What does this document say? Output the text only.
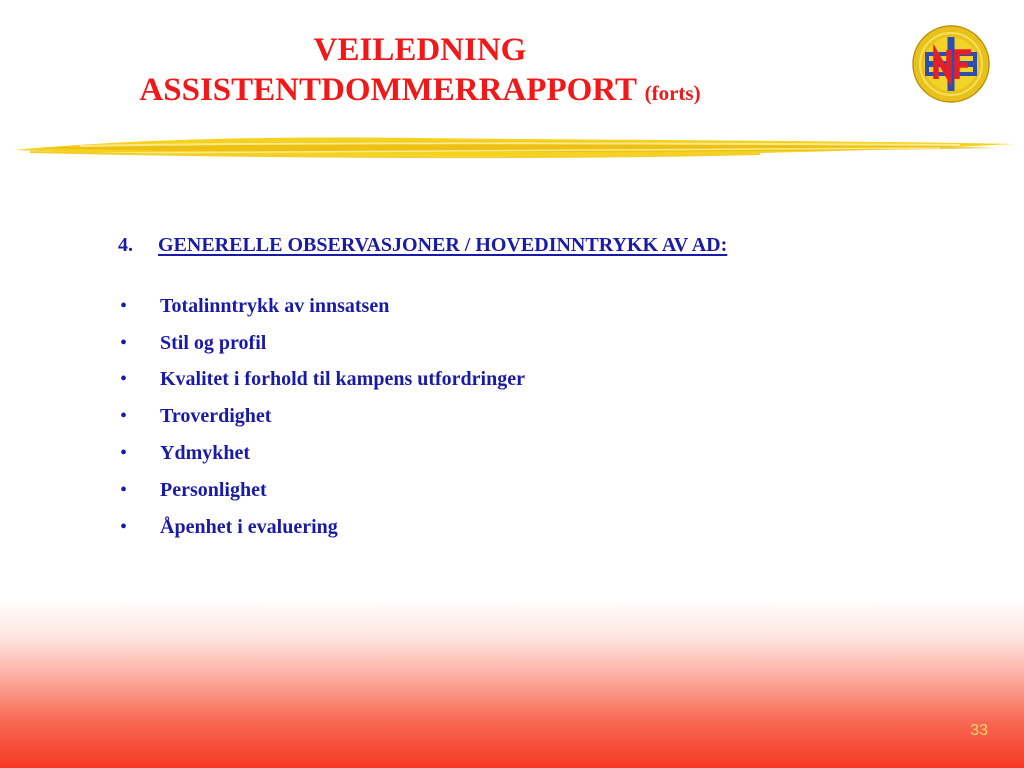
VEILEDNING
ASSISTENTDOMMERRAPPORT (forts)
4.	GENERELLE OBSERVASJONER / HOVEDINNTRYKK AV AD:
•	Totalinntrykk av innsatsen
•	Stil og profil
•	Kvalitet i forhold til kampens utfordringer
•	Troverdighet
•	Ydmykhet
•	Personlighet
•	Åpenhet i evaluering
33
